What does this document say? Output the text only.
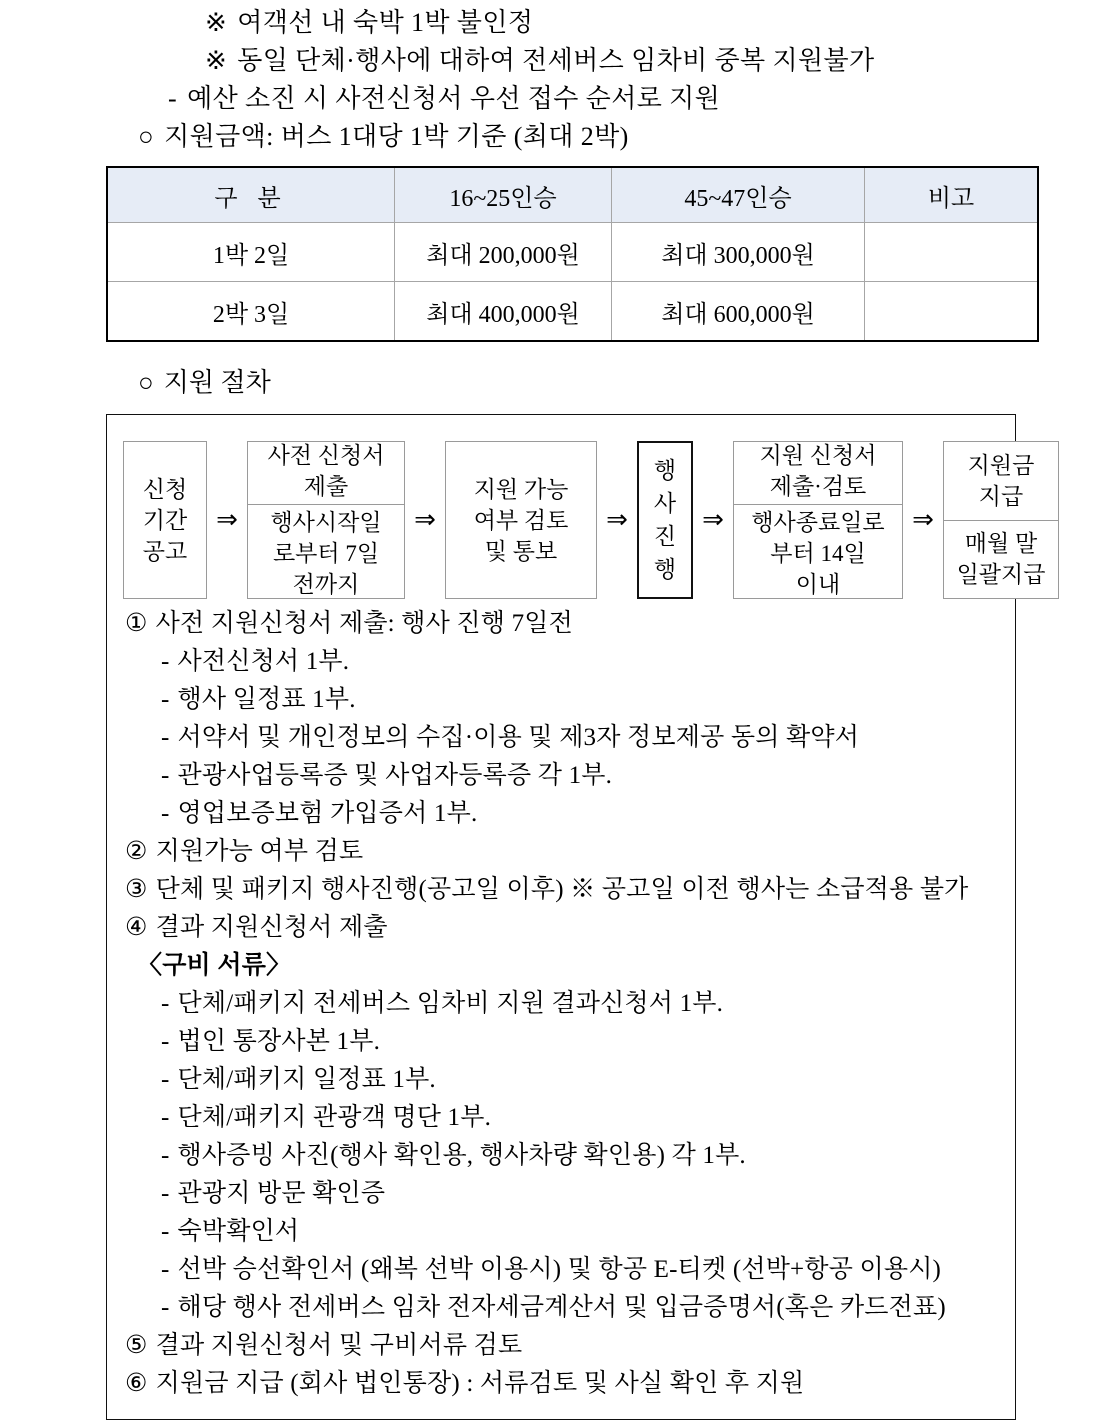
※ 여객선 내 숙박 1박 불인정
※ 동일 단체·행사에 대하여 전세버스 임차비 중복 지원불가
- 예산 소진 시 사전신청서 우선 접수 순서로 지원
○ 지원금액: 버스 1대당 1박 기준 (최대 2박)
구 분	16~25인승	45~47인승	비고
1박 2일	최대 200,000원	최대 300,000원	
2박 3일	최대 400,000원	최대 600,000원	
○ 지원 절차
신청
기간
공고
⇒
사전 신청서
제출
행사시작일
로부터 7일
전까지
⇒
지원 가능
여부 검토
및 통보
⇒
행
사
진
행
⇒
지원 신청서
제출·검토
행사종료일로
부터 14일
이내
⇒
지원금
지급
매월 말
일괄지급
① 사전 지원신청서 제출: 행사 진행 7일전
- 사전신청서 1부.
- 행사 일정표 1부.
- 서약서 및 개인정보의 수집·이용 및 제3자 정보제공 동의 확약서
- 관광사업등록증 및 사업자등록증 각 1부.
- 영업보증보험 가입증서 1부.
② 지원가능 여부 검토
③ 단체 및 패키지 행사진행(공고일 이후) ※ 공고일 이전 행사는 소급적용 불가
④ 결과 지원신청서 제출
〈구비 서류〉
- 단체/패키지 전세버스 임차비 지원 결과신청서 1부.
- 법인 통장사본 1부.
- 단체/패키지 일정표 1부.
- 단체/패키지 관광객 명단 1부.
- 행사증빙 사진(행사 확인용, 행사차량 확인용) 각 1부.
- 관광지 방문 확인증
- 숙박확인서
- 선박 승선확인서 (왜복 선박 이용시) 및 항공 E-티켓 (선박+항공 이용시)
- 해당 행사 전세버스 임차 전자세금계산서 및 입금증명서(혹은 카드전표)
⑤ 결과 지원신청서 및 구비서류 검토
⑥ 지원금 지급 (회사 법인통장) : 서류검토 및 사실 확인 후 지원
